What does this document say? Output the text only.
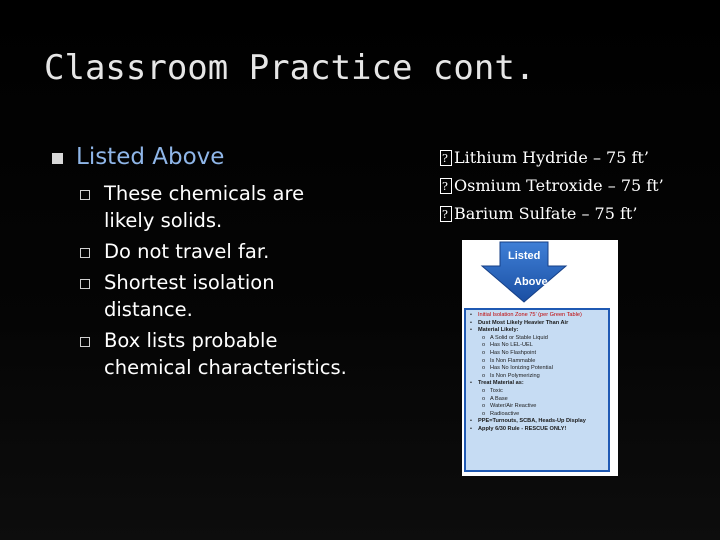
Classroom Practice cont.
Listed Above
These chemicals are likely solids.
Do not travel far.
Shortest isolation distance.
Box lists probable chemical characteristics.
?
Lithium Hydride – 75 ft’
?
Osmium Tetroxide – 75 ft’
?
Barium Sulfate – 75 ft’
Listed
Above
•	Initial Isolation Zone 75’ (per Green Table)
•	Dust Most Likely Heavier Than Air
•	Material Likely:
o A Solid or Stable Liquid
o Has No LEL-UEL
o Has No Flashpoint
o Is Non Flammable
o Has No Ionizing Potential
o Is Non Polymerizing
•	Treat Material as:
o Toxic
o A Base
o Water/Air Reactive
o Radioactive
•	PPE=Turnouts, SCBA, Heads-Up Display
•	Apply 6/30 Rule - RESCUE ONLY!
